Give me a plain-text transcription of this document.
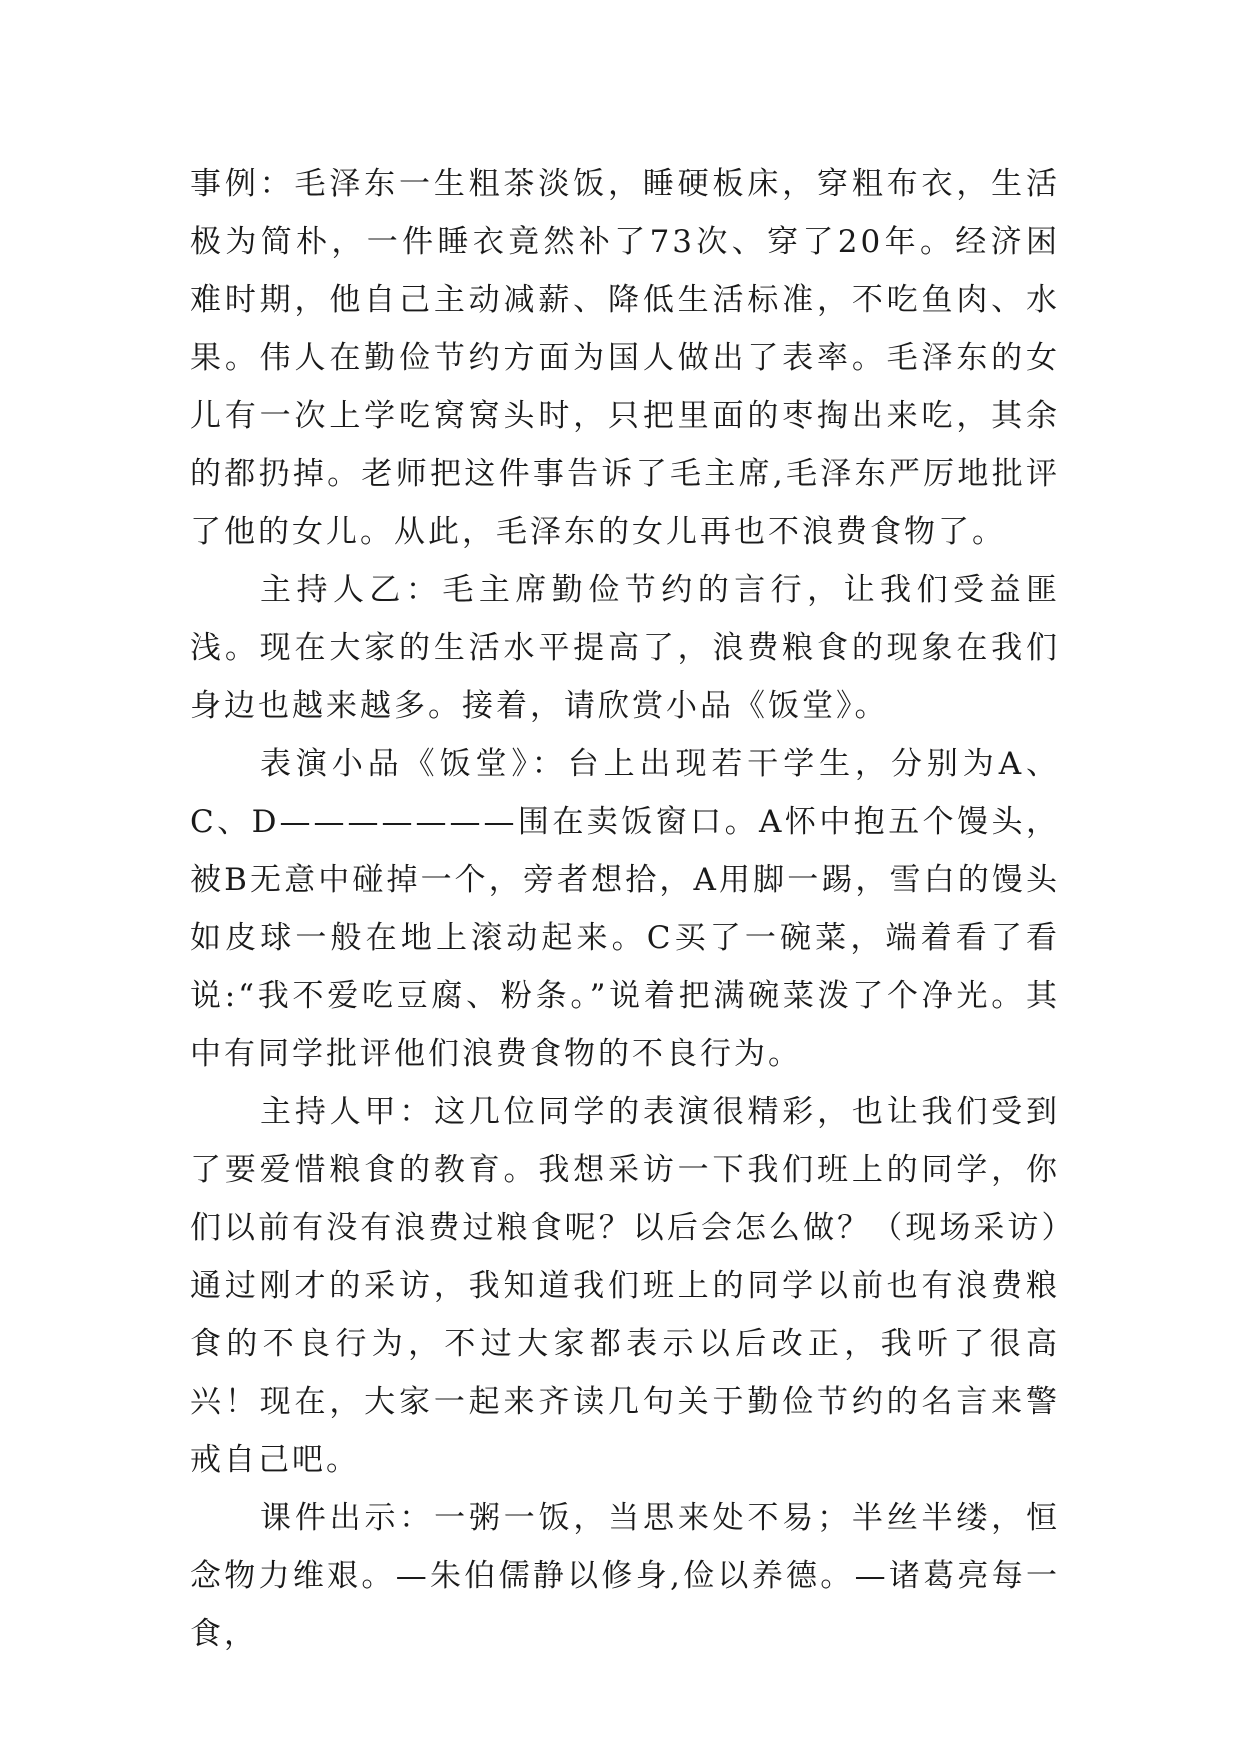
事例：毛泽东一生粗茶淡饭，睡硬板床，穿粗布衣，生活极为简朴，一件睡衣竟然补了73次、穿了20年。经济困难时期，他自己主动减薪、降低生活标准，不吃鱼肉、水果。伟人在勤俭节约方面为国人做出了表率。毛泽东的女儿有一次上学吃窝窝头时，只把里面的枣掏出来吃，其余的都扔掉。老师把这件事告诉了毛主席,毛泽东严厉地批评了他的女儿。从此，毛泽东的女儿再也不浪费食物了。

主持人乙：毛主席勤俭节约的言行，让我们受益匪浅。现在大家的生活水平提高了，浪费粮食的现象在我们身边也越来越多。接着，请欣赏小品《饭堂》。

表演小品《饭堂》：台上出现若干学生，分别为A、C、D———————围在卖饭窗口。A怀中抱五个馒头，被B无意中碰掉一个，旁者想拾，A用脚一踢，雪白的馒头如皮球一般在地上滚动起来。C买了一碗菜，端着看了看说:“我不爱吃豆腐、粉条。”说着把满碗菜泼了个净光。其中有同学批评他们浪费食物的不良行为。

主持人甲：这几位同学的表演很精彩，也让我们受到了要爱惜粮食的教育。我想采访一下我们班上的同学，你们以前有没有浪费过粮食呢？以后会怎么做？（现场采访）通过刚才的采访，我知道我们班上的同学以前也有浪费粮食的不良行为，不过大家都表示以后改正，我听了很高兴！现在，大家一起来齐读几句关于勤俭节约的名言来警戒自己吧。

课件出示：一粥一饭，当思来处不易；半丝半缕，恒念物力维艰。—朱伯儒静以修身,俭以养德。—诸葛亮每一食，
